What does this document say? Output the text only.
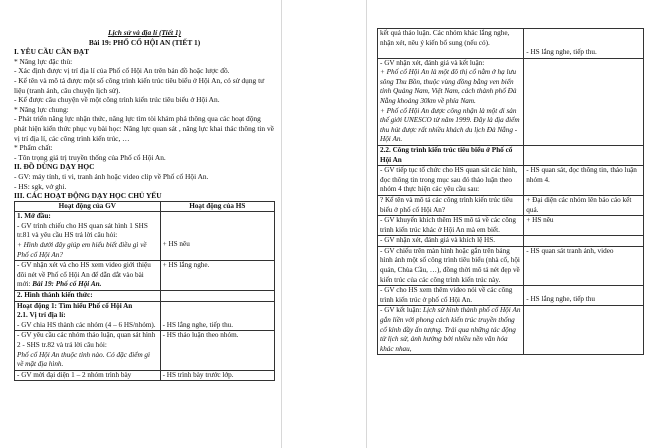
Lịch sử và địa lí (Tiết 1)
Bài 19: PHỐ CỔ HỘI AN (TIẾT 1)
I. YÊU CẦU CẦN ĐẠT

* Năng lực đặc thù:

- Xác định được vị trí địa lí của Phố cổ Hội An trên bản đồ hoặc lược đồ.

- Kể tên và mô tả được một số công trình kiến trúc tiêu biểu ở Hội An, có sử dụng tư liệu (tranh ảnh, câu chuyện lịch sử).

- Kể được câu chuyện về một công trình kiến trúc tiêu biểu ở Hội An.

* Năng lực chung:

- Phát triển năng lực nhận thức, năng lực tìm tòi khám phá thông qua các hoạt động phát hiện kiến thức phục vụ bài học: Năng lực quan sát , năng lực khai thác thông tin về vị trí địa lí, các công trình kiến trúc, …

* Phẩm chất:

- Tôn trọng giá trị truyền thống của Phố cổ Hội An.

II. ĐỒ DÙNG DẠY HỌC

- GV: máy tính, ti vi, tranh ảnh hoặc video clip về Phố cổ Hội An.

- HS: sgk, vở ghi.

III. CÁC HOẠT ĐỘNG DẠY HỌC CHỦ YẾU
Hoạt động của GV	Hoạt động của HS

1. Mở đầu:
- GV trình chiếu cho HS quan sát hình 1 SHS tr.81 và yêu cầu HS trả lời câu hỏi:
+ Hình dưới đây giúp em hiểu biết điều gì về Phố cổ Hội An?	+ HS nêu

- GV nhận xét và cho HS xem video giới thiệu đôi nét về Phố cổ Hội An để dẫn dắt vào bài mới: Bài 19: Phố cổ Hội An.	+ HS lắng nghe.
2. Hình thành kiến thức:	

Hoạt động 1: Tìm hiểu Phố cổ Hội An
2.1. Vị trí địa lí:
- GV chia HS thành các nhóm (4 – 6 HS/nhóm).	- HS lắng nghe, tiếp thu.

- GV yêu cầu các nhóm thảo luận, quan sát hình 2 - SHS tr.82 và trả lời câu hỏi:
Phố cổ Hội An thuộc tỉnh nào. Có đặc điểm gì về mặt địa hình.	- HS thảo luận theo nhóm.
- GV mời đại diện 1 – 2 nhóm trình bày	- HS trình bày trước lớp.
kết quả thảo luận. Các nhóm khác lắng nghe, nhận xét, nêu ý kiến bổ sung (nếu có).	- HS lắng nghe, tiếp thu.

- GV nhận xét, đánh giá và kết luận:
+ Phố cổ Hội An là một đô thị cổ nằm ở hạ lưu sông Thu Bồn, thuộc vùng đồng bằng ven biển tỉnh Quảng Nam, Việt Nam, cách thành phố Đà Nẵng khoảng 30km về phía Nam.
+ Phố cổ Hội An được công nhận là một di sản thế giới UNESCO từ năm 1999. Đây là địa điểm thu hút được rất nhiều khách du lịch Đà Nẵng - Hội An.	

2.2. Công trình kiến trúc tiêu biểu ở Phố cổ Hội An	
- GV tiếp tục tổ chức cho HS quan sát các hình, đọc thông tin trong mục sau đó thảo luận theo nhóm 4 thực hiện các yêu cầu sau:	- HS quan sát, đọc thông tin, thảo luận nhóm 4.
? Kể tên và mô tả các công trình kiến trúc tiêu biểu ở phố cổ Hội An?	+ Đại diện các nhóm lên báo cáo kết quả.
- GV khuyến khích thêm HS mô tả về các công trình kiến trúc khác ở Hội An mà em biết.	+ HS nêu
- GV nhận xét, đánh giá và khích lệ HS.	
- GV chiếu trên màn hình hoặc gắn trên bảng hình ảnh một số công trình tiêu biểu (nhà cổ, hội quán, Chùa Cầu, …), đồng thời mô tả nét đẹp về kiến trúc của các công trình kiến trúc này.	- HS quan sát tranh ảnh, video
- GV cho HS xem thêm video nói về các công trình kiến trúc ở phố cổ Hội An.	- HS lắng nghe, tiếp thu

- GV kết luận: Lịch sử hình thành phố cổ Hội An gắn liền với phong cách kiến trúc truyền thống cổ kính đầy ấn tượng. Trải qua những tác động từ lịch sử, ảnh hưởng bởi nhiều nền văn hóa khác nhau,	
